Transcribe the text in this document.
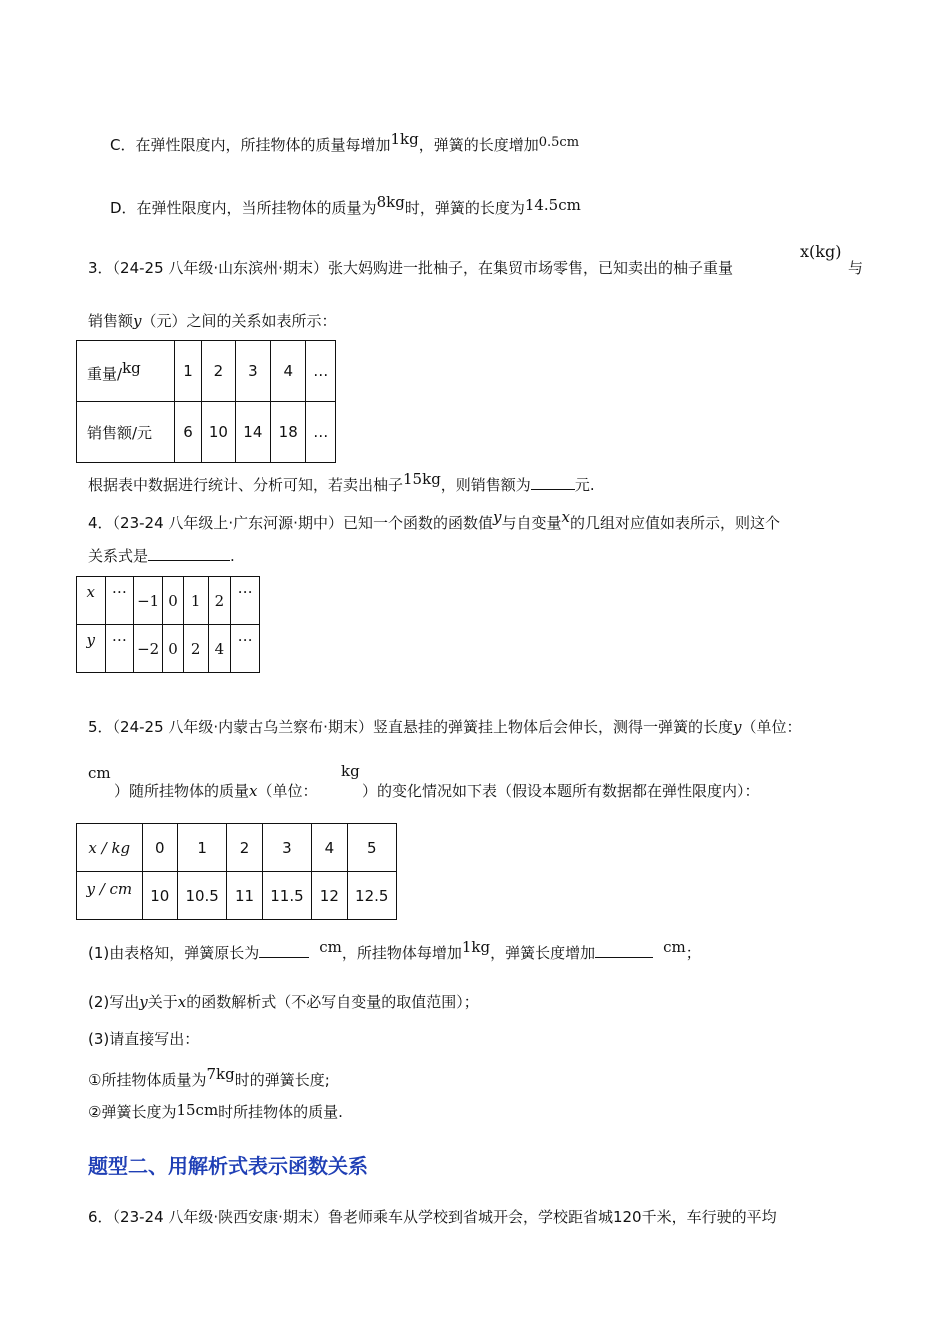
C．在弹性限度内，所挂物体的质量每增加1kg，弹簧的长度增加0.5cm
D．在弹性限度内，当所挂物体的质量为8kg时，弹簧的长度为14.5cm
3．（24-25 八年级·山东滨州·期末）张大妈购进一批柚子，在集贸市场零售，已知卖出的柚子重量
x(kg)
与
销售额y（元）之间的关系如表所示：
重量/kg	1	2	3	4	…
销售额/元	6	10	14	18	…
根据表中数据进行统计、分析可知，若卖出柚子15kg，则销售额为	元.
4．（23-24 八年级上·广东河源·期中）已知一个函数的函数值y与自变量x的几组对应值如表所示，则这个
关系式是	.
x	…	−1	0	1	2	…
y	…	−2	0	2	4	…
5．（24-25 八年级·内蒙古乌兰察布·期末）竖直悬挂的弹簧挂上物体后会伸长，测得一弹簧的长度y（单位：
cm	kg
）随所挂物体的质量x（单位：	）的变化情况如下表（假设本题所有数据都在弹性限度内）：
x / kg	0	1	2	3	4	5
y / cm	10	10.5	11	11.5	12	12.5
(1)由表格知，弹簧原长为	cm，所挂物体每增加1kg，弹簧长度增加	cm；
(2)写出y关于x的函数解析式（不必写自变量的取值范围）；
(3)请直接写出：
①所挂物体质量为7kg时的弹簧长度;
②弹簧长度为15cm时所挂物体的质量.
题型二、用解析式表示函数关系
6．（23-24 八年级·陕西安康·期末）鲁老师乘车从学校到省城开会，学校距省城120千米，车行驶的平均
